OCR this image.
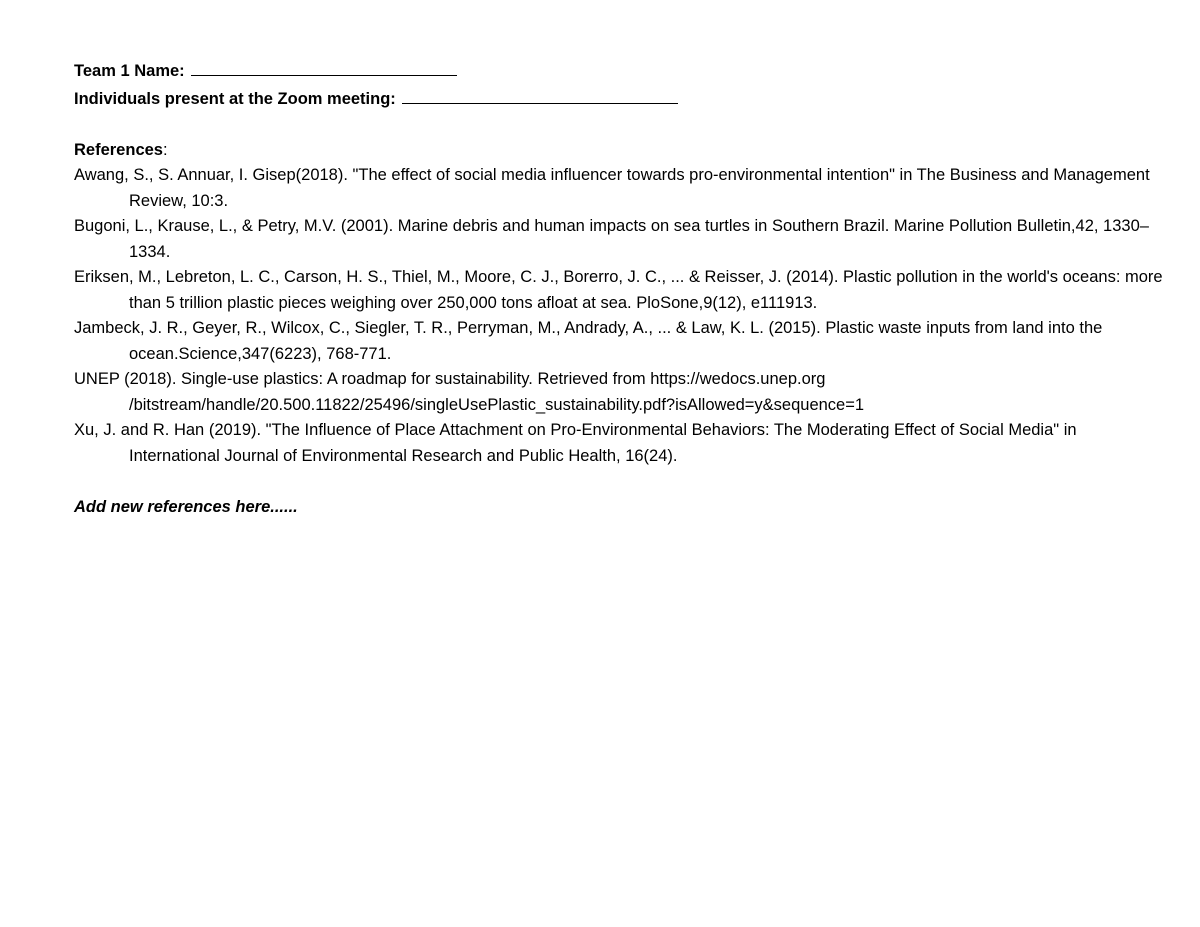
Team 1 Name:
Individuals present at the Zoom meeting:
References:
Awang, S., S. Annuar, I. Gisep(2018). "The effect of social media influencer towards pro-environmental intention" in The Business and Management Review, 10:3.
Bugoni, L., Krause, L., & Petry, M.V. (2001). Marine debris and human impacts on sea turtles in Southern Brazil. Marine Pollution Bulletin,42, 1330–1334.
Eriksen, M., Lebreton, L. C., Carson, H. S., Thiel, M., Moore, C. J., Borerro, J. C., ... & Reisser, J. (2014). Plastic pollution in the world's oceans: more than 5 trillion plastic pieces weighing over 250,000 tons afloat at sea. PloSone,9(12), e111913.
Jambeck, J. R., Geyer, R., Wilcox, C., Siegler, T. R., Perryman, M., Andrady, A., ... & Law, K. L. (2015). Plastic waste inputs from land into the ocean.Science,347(6223), 768-771.
UNEP (2018). Single-use plastics: A roadmap for sustainability. Retrieved from https://wedocs.unep.org /bitstream/handle/20.500.11822/25496/singleUsePlastic_sustainability.pdf?isAllowed=y&sequence=1
Xu, J. and R. Han (2019). "The Influence of Place Attachment on Pro-Environmental Behaviors: The Moderating Effect of Social Media" in International Journal of Environmental Research and Public Health, 16(24).
Add new references here......
